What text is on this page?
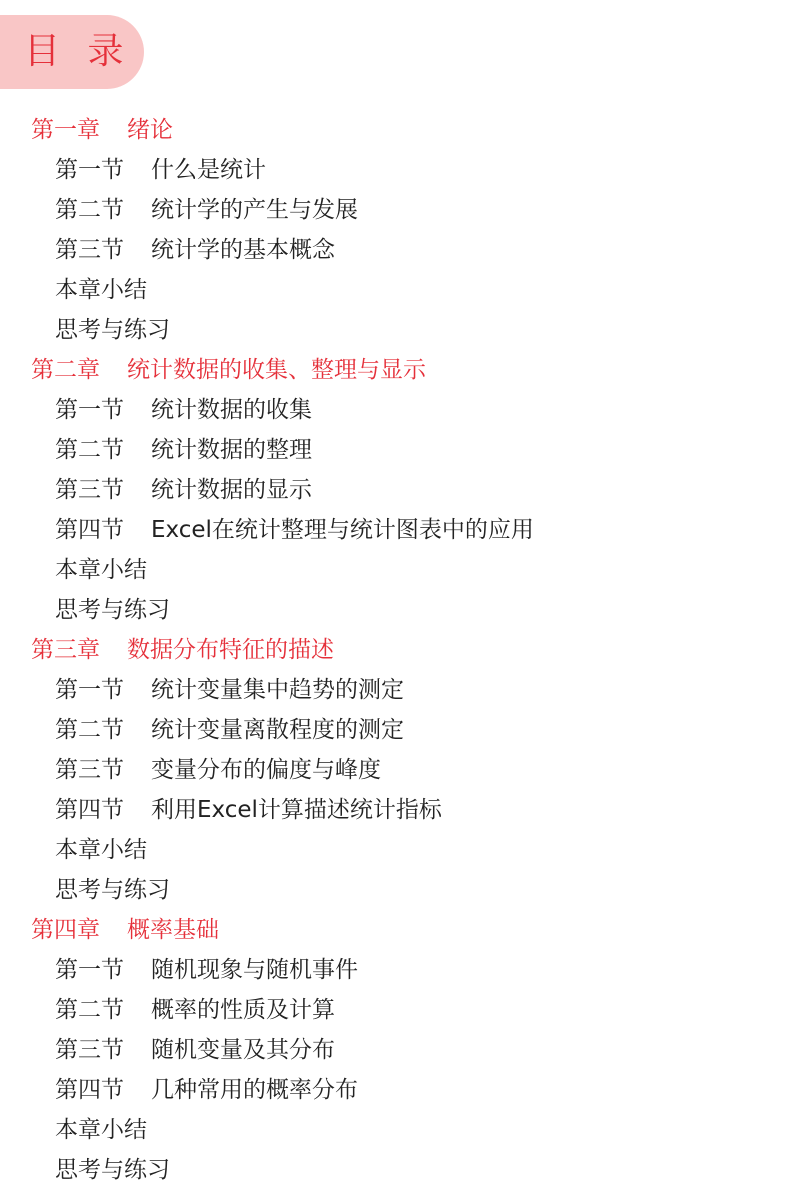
目 录
第一章 绪论
第一节 什么是统计
第二节 统计学的产生与发展
第三节 统计学的基本概念
本章小结
思考与练习
第二章 统计数据的收集、整理与显示
第一节 统计数据的收集
第二节 统计数据的整理
第三节 统计数据的显示
第四节 Excel在统计整理与统计图表中的应用
本章小结
思考与练习
第三章 数据分布特征的描述
第一节 统计变量集中趋势的测定
第二节 统计变量离散程度的测定
第三节 变量分布的偏度与峰度
第四节 利用Excel计算描述统计指标
本章小结
思考与练习
第四章 概率基础
第一节 随机现象与随机事件
第二节 概率的性质及计算
第三节 随机变量及其分布
第四节 几种常用的概率分布
本章小结
思考与练习
